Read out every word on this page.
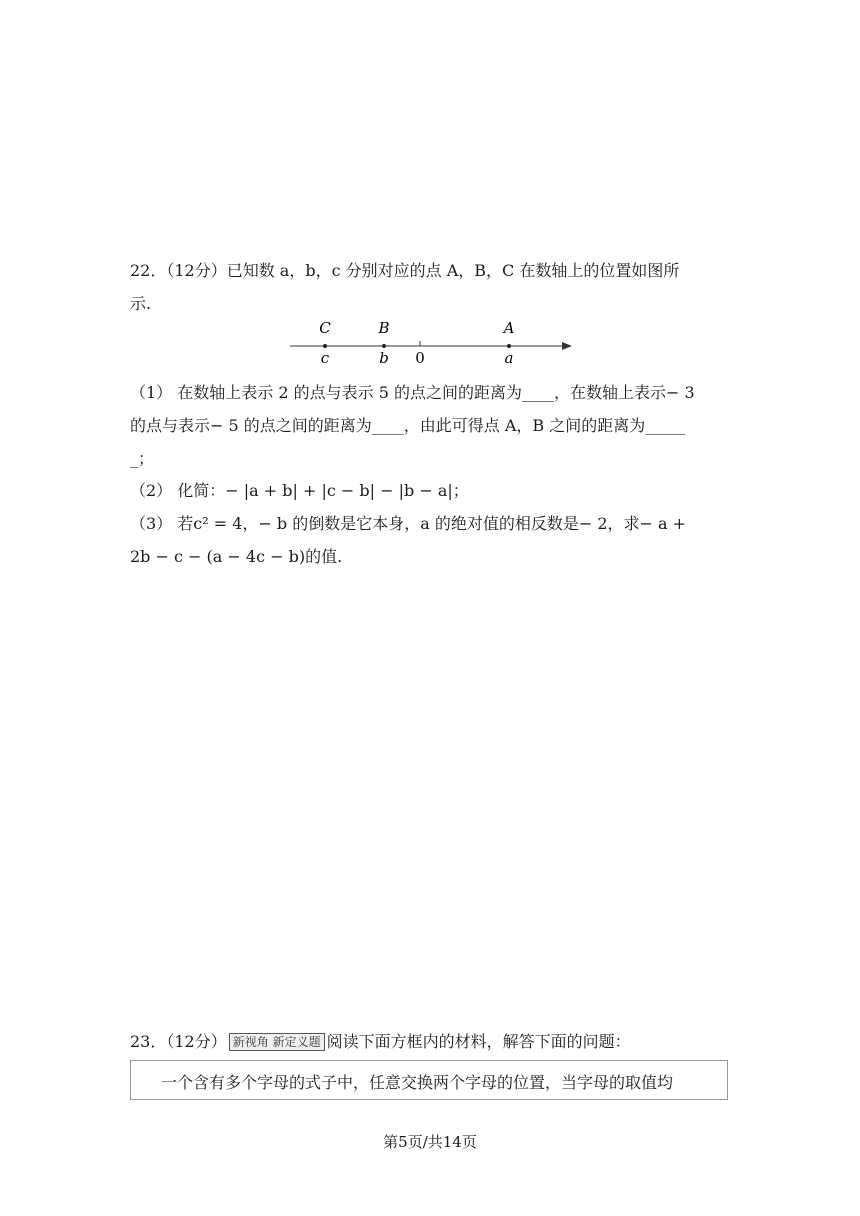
22．（12分）已知数 a，b，c 分别对应的点 A，B，C 在数轴上的位置如图所
示.
C	B	A
c	b 0	a
（1） 在数轴上表示 2 的点与表示 5 的点之间的距离为____，在数轴上表示− 3
的点与表示− 5 的点之间的距离为____，由此可得点 A，B 之间的距离为_____
_；
（2） 化简：− |a + b| + |c − b| − |b − a|；
（3） 若c² = 4，− b 的倒数是它本身，a 的绝对值的相反数是− 2，求− a +
2b − c − (a − 4c − b)的值.
23．（12分） 新视角 新定义题 阅读下面方框内的材料，解答下面的问题：
一个含有多个字母的式子中，任意交换两个字母的位置，当字母的取值均
第5页/共14页
